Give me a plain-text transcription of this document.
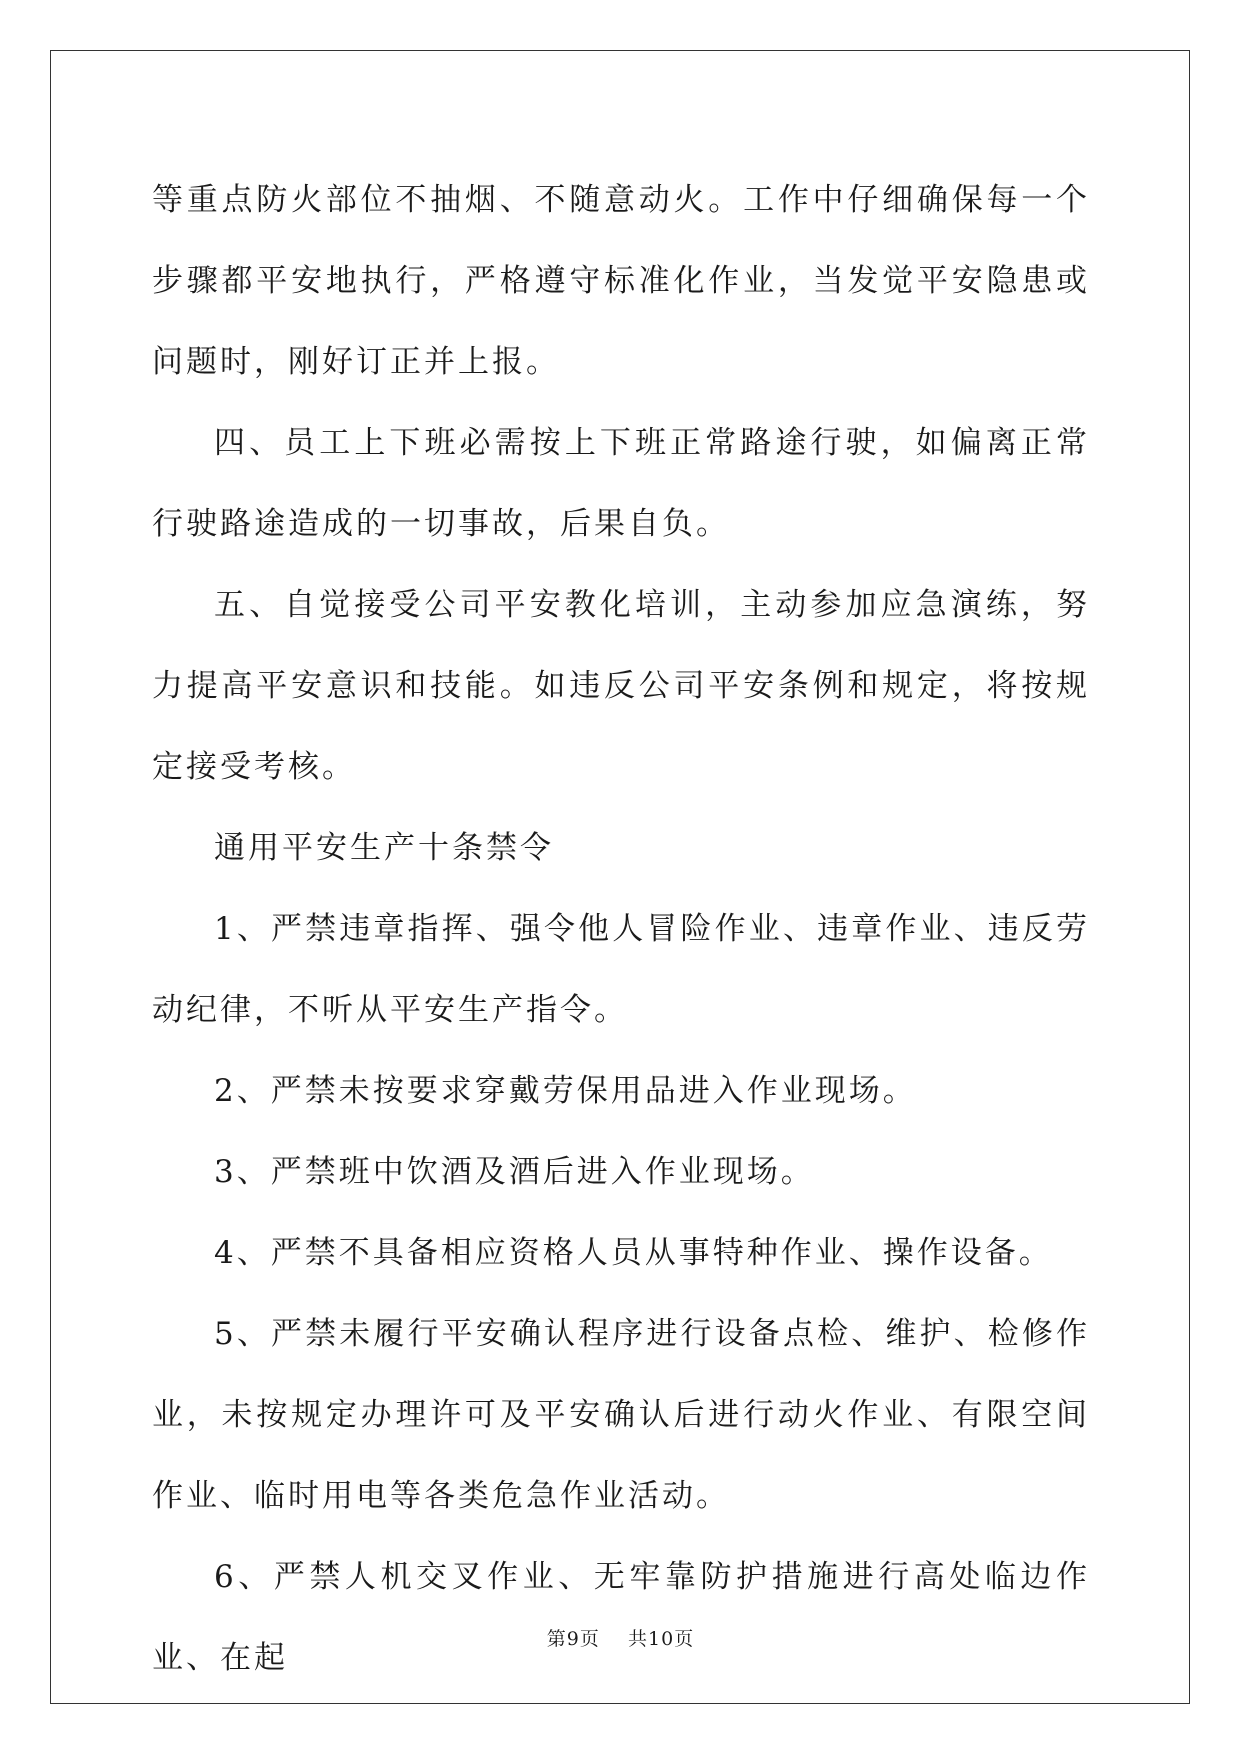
等重点防火部位不抽烟、不随意动火。工作中仔细确保每一个步骤都平安地执行，严格遵守标准化作业，当发觉平安隐患或问题时，刚好订正并上报。

四、员工上下班必需按上下班正常路途行驶，如偏离正常行驶路途造成的一切事故，后果自负。

五、自觉接受公司平安教化培训，主动参加应急演练，努力提高平安意识和技能。如违反公司平安条例和规定，将按规定接受考核。

通用平安生产十条禁令

1、严禁违章指挥、强令他人冒险作业、违章作业、违反劳动纪律，不听从平安生产指令。

2、严禁未按要求穿戴劳保用品进入作业现场。

3、严禁班中饮酒及酒后进入作业现场。

4、严禁不具备相应资格人员从事特种作业、操作设备。

5、严禁未履行平安确认程序进行设备点检、维护、检修作业，未按规定办理许可及平安确认后进行动火作业、有限空间作业、临时用电等各类危急作业活动。

6、严禁人机交叉作业、无牢靠防护措施进行高处临边作业、在起

第9页 共10页
